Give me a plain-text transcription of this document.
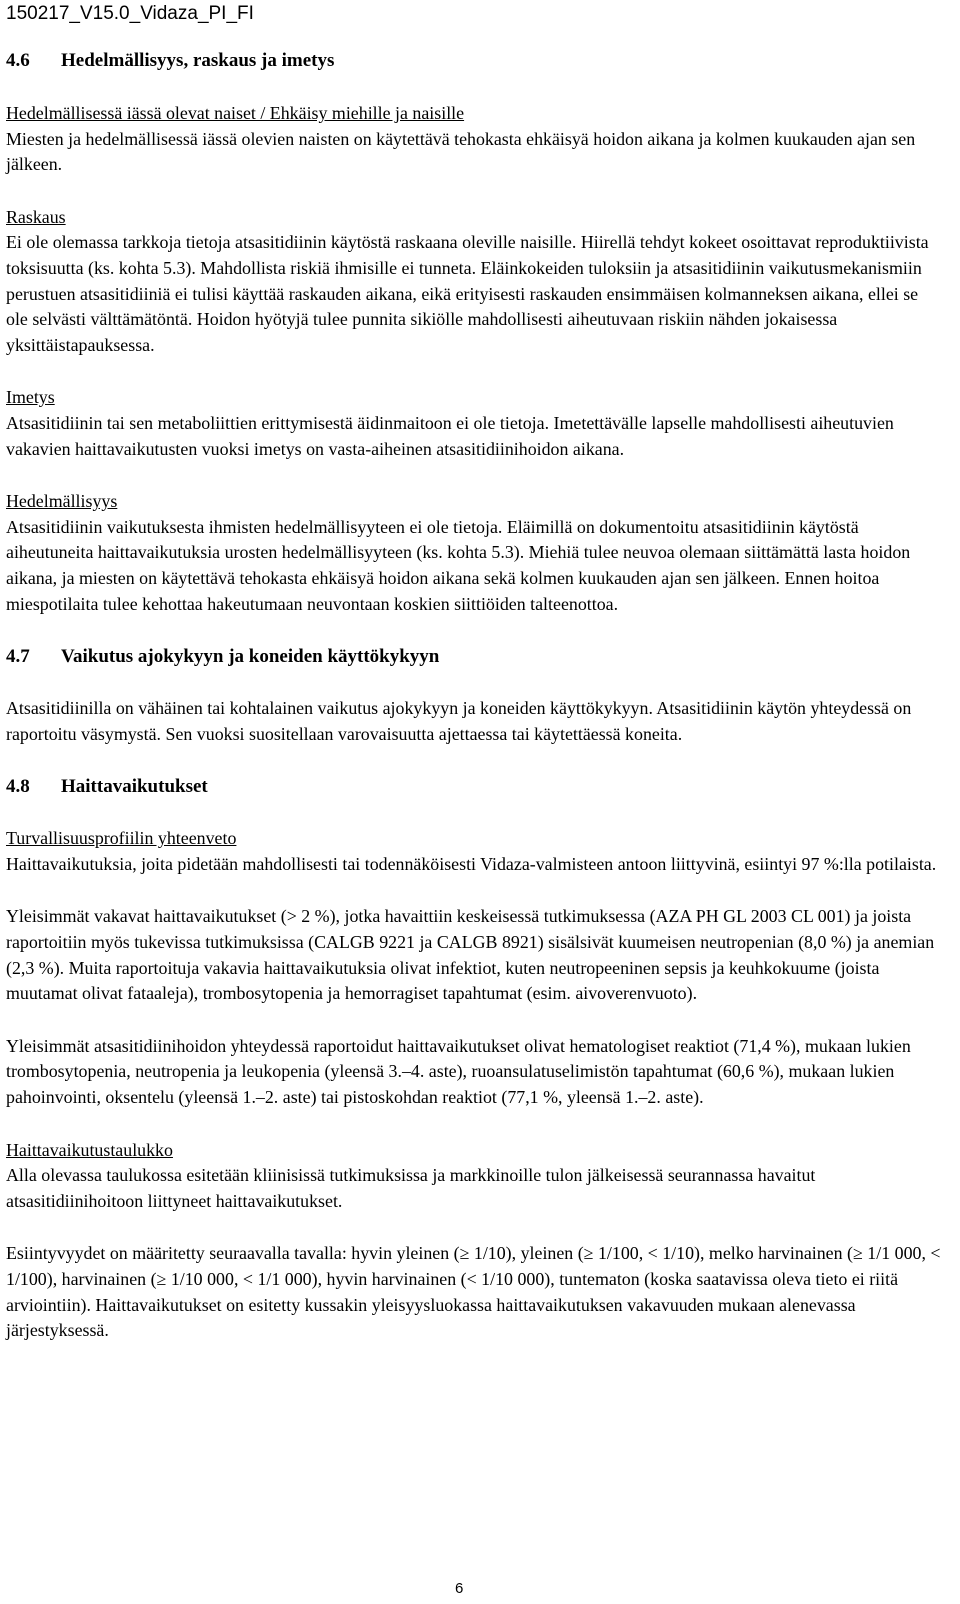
150217_V15.0_Vidaza_PI_FI

4.6 Hedelmällisyys, raskaus ja imetys

Hedelmällisessä iässä olevat naiset / Ehkäisy miehille ja naisille

Miesten ja hedelmällisessä iässä olevien naisten on käytettävä tehokasta ehkäisyä hoidon aikana ja kolmen kuukauden ajan sen jälkeen.

Raskaus

Ei ole olemassa tarkkoja tietoja atsasitidiinin käytöstä raskaana oleville naisille. Hiirellä tehdyt kokeet osoittavat reproduktiivista toksisuutta (ks. kohta 5.3). Mahdollista riskiä ihmisille ei tunneta. Eläinkokeiden tuloksiin ja atsasitidiinin vaikutusmekanismiin perustuen atsasitidiiniä ei tulisi käyttää raskauden aikana, eikä erityisesti raskauden ensimmäisen kolmanneksen aikana, ellei se ole selvästi välttämätöntä. Hoidon hyötyjä tulee punnita sikiölle mahdollisesti aiheutuvaan riskiin nähden jokaisessa yksittäistapauksessa.

Imetys

Atsasitidiinin tai sen metaboliittien erittymisestä äidinmaitoon ei ole tietoja. Imetettävälle lapselle mahdollisesti aiheutuvien vakavien haittavaikutusten vuoksi imetys on vasta-aiheinen atsasitidiinihoidon aikana.

Hedelmällisyys

Atsasitidiinin vaikutuksesta ihmisten hedelmällisyyteen ei ole tietoja. Eläimillä on dokumentoitu atsasitidiinin käytöstä aiheutuneita haittavaikutuksia urosten hedelmällisyyteen (ks. kohta 5.3). Miehiä tulee neuvoa olemaan siittämättä lasta hoidon aikana, ja miesten on käytettävä tehokasta ehkäisyä hoidon aikana sekä kolmen kuukauden ajan sen jälkeen. Ennen hoitoa miespotilaita tulee kehottaa hakeutumaan neuvontaan koskien siittiöiden talteenottoa.

4.7 Vaikutus ajokykyyn ja koneiden käyttökykyyn

Atsasitidiinilla on vähäinen tai kohtalainen vaikutus ajokykyyn ja koneiden käyttökykyyn. Atsasitidiinin käytön yhteydessä on raportoitu väsymystä. Sen vuoksi suositellaan varovaisuutta ajettaessa tai käytettäessä koneita.

4.8 Haittavaikutukset

Turvallisuusprofiilin yhteenveto

Haittavaikutuksia, joita pidetään mahdollisesti tai todennäköisesti Vidaza-valmisteen antoon liittyvinä, esiintyi 97 %:lla potilaista.

Yleisimmät vakavat haittavaikutukset (> 2 %), jotka havaittiin keskeisessä tutkimuksessa (AZA PH GL 2003 CL 001) ja joista raportoitiin myös tukevissa tutkimuksissa (CALGB 9221 ja CALGB 8921) sisälsivät kuumeisen neutropenian (8,0 %) ja anemian (2,3 %). Muita raportoituja vakavia haittavaikutuksia olivat infektiot, kuten neutropeeninen sepsis ja keuhkokuume (joista muutamat olivat fataaleja), trombosytopenia ja hemorragiset tapahtumat (esim. aivoverenvuoto).

Yleisimmät atsasitidiinihoidon yhteydessä raportoidut haittavaikutukset olivat hematologiset reaktiot (71,4 %), mukaan lukien trombosytopenia, neutropenia ja leukopenia (yleensä 3.–4. aste), ruoansulatuselimistön tapahtumat (60,6 %), mukaan lukien pahoinvointi, oksentelu (yleensä 1.–2. aste) tai pistoskohdan reaktiot (77,1 %, yleensä 1.–2. aste).

Haittavaikutustaulukko

Alla olevassa taulukossa esitetään kliinisissä tutkimuksissa ja markkinoille tulon jälkeisessä seurannassa havaitut atsasitidiinihoitoon liittyneet haittavaikutukset.

Esiintyvyydet on määritetty seuraavalla tavalla: hyvin yleinen (≥ 1/10), yleinen (≥ 1/100, < 1/10), melko harvinainen (≥ 1/1 000, < 1/100), harvinainen (≥ 1/10 000, < 1/1 000), hyvin harvinainen (< 1/10 000), tuntematon (koska saatavissa oleva tieto ei riitä arviointiin). Haittavaikutukset on esitetty kussakin yleisyysluokassa haittavaikutuksen vakavuuden mukaan alenevassa järjestyksessä.

6
